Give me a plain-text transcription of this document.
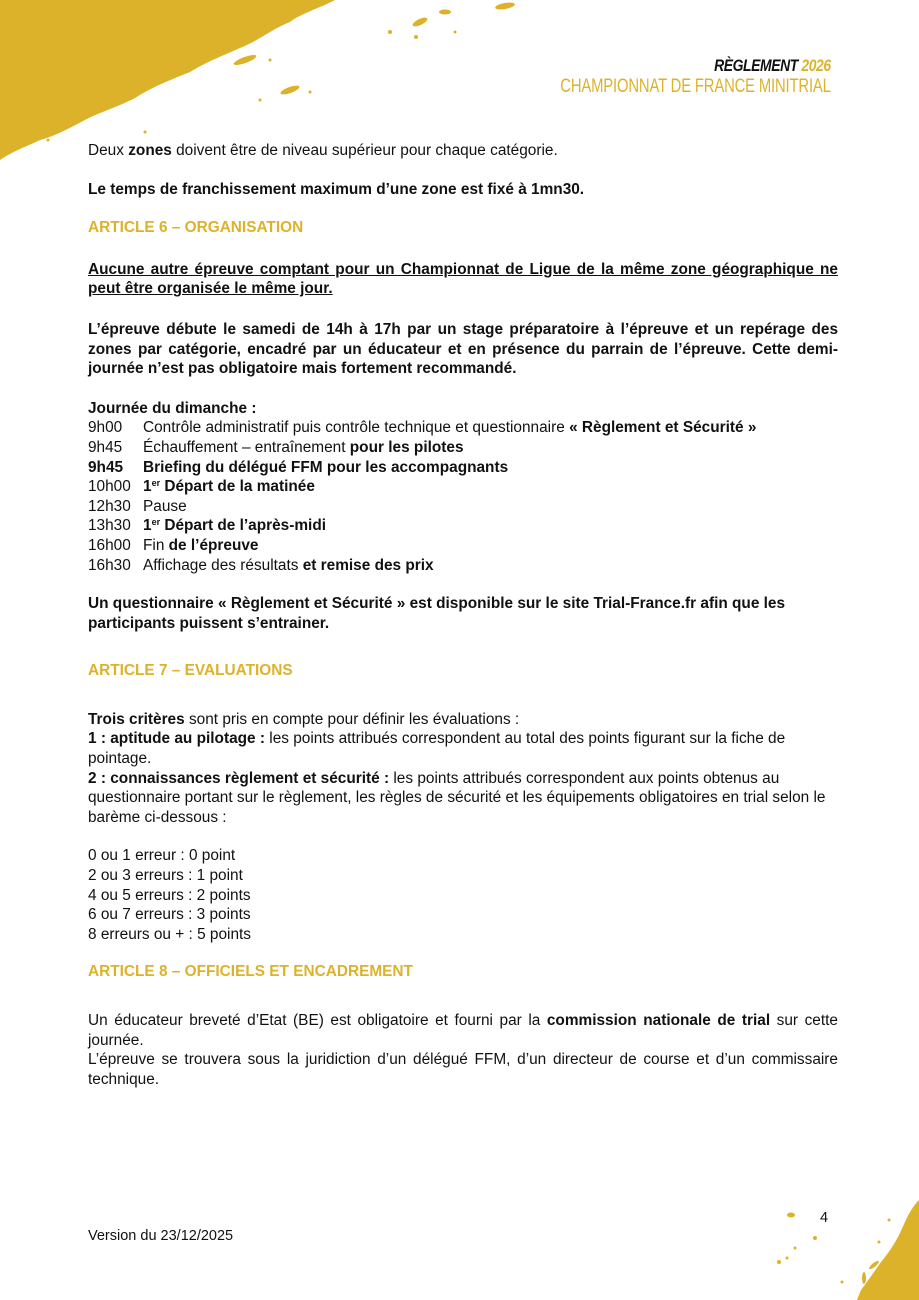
RÈGLEMENT 2026
CHAMPIONNAT DE FRANCE MINITRIAL

Deux zones doivent être de niveau supérieur pour chaque catégorie.

Le temps de franchissement maximum d’une zone est fixé à 1mn30.

ARTICLE 6 – ORGANISATION

Aucune autre épreuve comptant pour un Championnat de Ligue de la même zone géographique ne peut être organisée le même jour.

L’épreuve débute le samedi de 14h à 17h par un stage préparatoire à l’épreuve et un repérage des zones par catégorie, encadré par un éducateur et en présence du parrain de l’épreuve. Cette demi-journée n’est pas obligatoire mais fortement recommandé.

Journée du dimanche :

9h00	Contrôle administratif puis contrôle technique et questionnaire « Règlement et Sécurité »
9h45	Échauffement – entraînement pour les pilotes
9h45	Briefing du délégué FFM pour les accompagnants
10h00 1er Départ de la matinée
12h30 Pause
13h30 1er Départ de l’après-midi
16h00 Fin de l’épreuve
16h30 Affichage des résultats et remise des prix

Un questionnaire « Règlement et Sécurité » est disponible sur le site Trial-France.fr afin que les participants puissent s’entrainer.

ARTICLE 7 – EVALUATIONS

Trois critères sont pris en compte pour définir les évaluations :

1 : aptitude au pilotage : les points attribués correspondent au total des points figurant sur la fiche de pointage.

2 : connaissances règlement et sécurité : les points attribués correspondent aux points obtenus au questionnaire portant sur le règlement, les règles de sécurité et les équipements obligatoires en trial selon le barème ci-dessous :

0 ou 1 erreur : 0 point
2 ou 3 erreurs : 1 point
4 ou 5 erreurs : 2 points
6 ou 7 erreurs : 3 points
8 erreurs ou + : 5 points

ARTICLE 8 – OFFICIELS ET ENCADREMENT

Un éducateur breveté d’Etat (BE) est obligatoire et fourni par la commission nationale de trial sur cette journée.

L’épreuve se trouvera sous la juridiction d’un délégué FFM, d’un directeur de course et d’un commissaire technique.

Version du 23/12/2025
4
